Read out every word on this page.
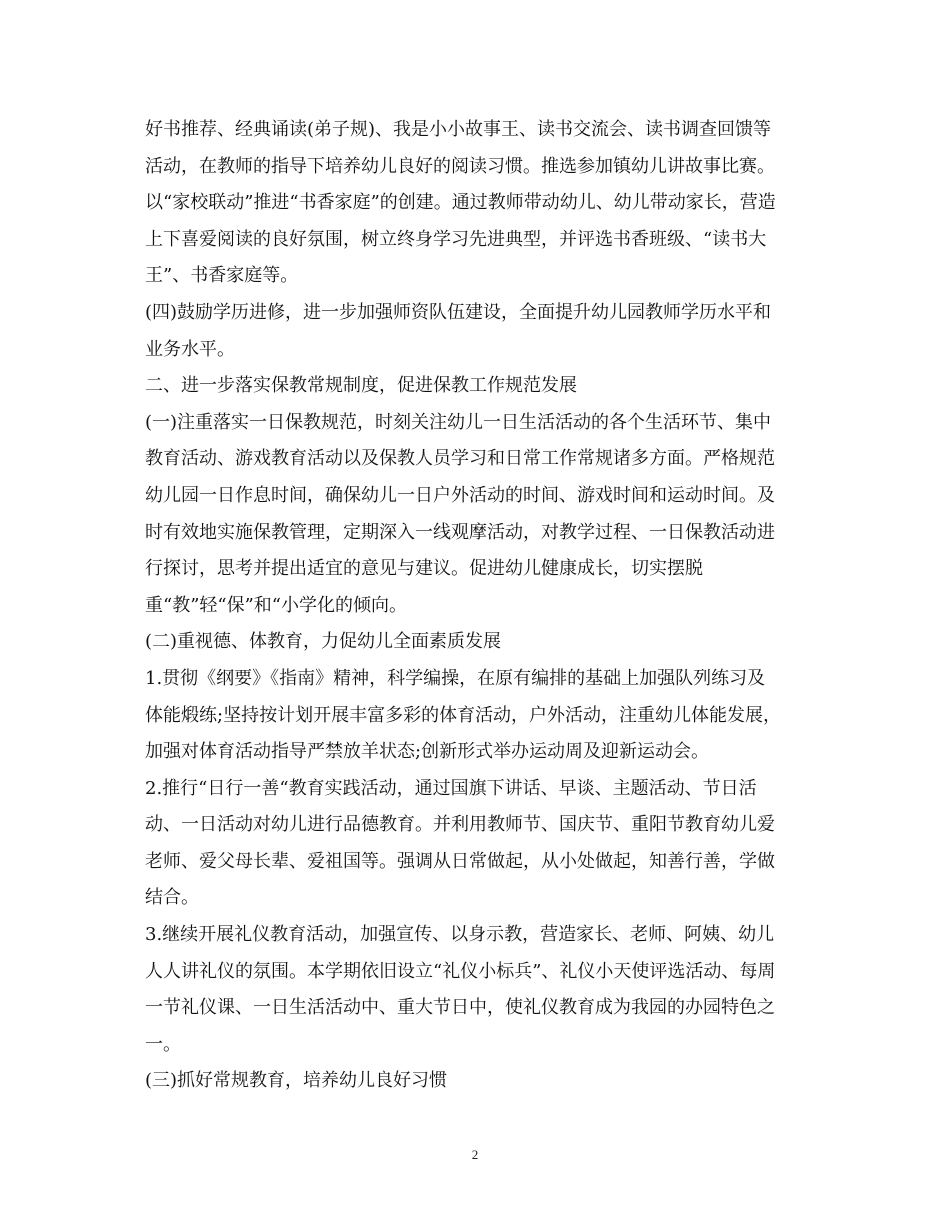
好书推荐、经典诵读(弟子规)、我是小小故事王、读书交流会、读书调查回馈等
活动，在教师的指导下培养幼儿良好的阅读习惯。推选参加镇幼儿讲故事比赛。
以“家校联动”推进“书香家庭”的创建。通过教师带动幼儿、幼儿带动家长，营造
上下喜爱阅读的良好氛围，树立终身学习先进典型，并评选书香班级、“读书大
王”、书香家庭等。
(四)鼓励学历进修，进一步加强师资队伍建设，全面提升幼儿园教师学历水平和
业务水平。
二、进一步落实保教常规制度，促进保教工作规范发展
(一)注重落实一日保教规范，时刻关注幼儿一日生活活动的各个生活环节、集中
教育活动、游戏教育活动以及保教人员学习和日常工作常规诸多方面。严格规范
幼儿园一日作息时间，确保幼儿一日户外活动的时间、游戏时间和运动时间。及
时有效地实施保教管理，定期深入一线观摩活动，对教学过程、一日保教活动进
行探讨，思考并提出适宜的意见与建议。促进幼儿健康成长，切实摆脱
重“教”轻“保”和“小学化的倾向。
(二)重视德、体教育，力促幼儿全面素质发展
1.贯彻《纲要》《指南》精神，科学编操，在原有编排的基础上加强队列练习及
体能煅练;坚持按计划开展丰富多彩的体育活动，户外活动，注重幼儿体能发展，
加强对体育活动指导严禁放羊状态;创新形式举办运动周及迎新运动会。
2.推行“日行一善“教育实践活动，通过国旗下讲话、早谈、主题活动、节日活
动、一日活动对幼儿进行品德教育。并利用教师节、国庆节、重阳节教育幼儿爱
老师、爱父母长辈、爱祖国等。强调从日常做起，从小处做起，知善行善，学做
结合。
3.继续开展礼仪教育活动，加强宣传、以身示教，营造家长、老师、阿姨、幼儿
人人讲礼仪的氛围。本学期依旧设立“礼仪小标兵”、礼仪小天使评选活动、每周
一节礼仪课、一日生活活动中、重大节日中，使礼仪教育成为我园的办园特色之
一。
(三)抓好常规教育，培养幼儿良好习惯
2
